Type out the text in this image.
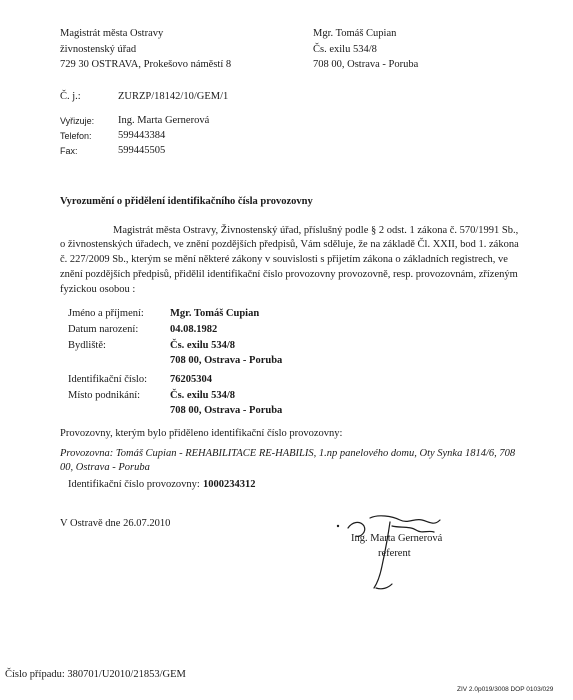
Magistrát města Ostravy
živnostenský úřad
729 30 OSTRAVA, Prokešovo náměstí 8
Mgr. Tomáš Cupian
Čs. exilu 534/8
708 00, Ostrava - Poruba
Č. j.:	ZURZP/18142/10/GEM/1
Vyřizuje: Ing. Marta Gernerová
Telefon:	599443384
Fax:	599445505
Vyrozumění o přidělení identifikačního čísla provozovny
Magistrát města Ostravy, Živnostenský úřad, příslušný podle § 2 odst. 1 zákona č. 570/1991 Sb.,
o živnostenských úřadech, ve znění pozdějších předpisů, Vám sděluje, že na základě Čl. XXII, bod 1. zákona
č. 227/2009 Sb., kterým se mění některé zákony v souvislosti s přijetím zákona o základních registrech, ve
znění pozdějších předpisů, přidělil identifikační číslo provozovny provozovně, resp. provozovnám, zřízeným
fyzickou osobou :
Jméno a příjmení: Mgr. Tomáš Cupian
Datum narození:	04.08.1982
Bydliště:	Čs. exilu 534/8
708 00, Ostrava - Poruba
Identifikační číslo: 76205304
Místo podnikání:	Čs. exilu 534/8
708 00, Ostrava - Poruba
Provozovny, kterým bylo přiděleno identifikační číslo provozovny:
Provozovna: Tomáš Cupian - REHABILITACE RE-HABILIS, 1.np panelového domu, Oty Synka 1814/6, 708
00, Ostrava - Poruba
Identifikační číslo provozovny: 1000234312
V Ostravě dne 26.07.2010
Ing. Marta Gernerová
referent
Číslo případu: 380701/U2010/21853/GEM
ZIV 2.0p019/3008 DOP 0103/029
